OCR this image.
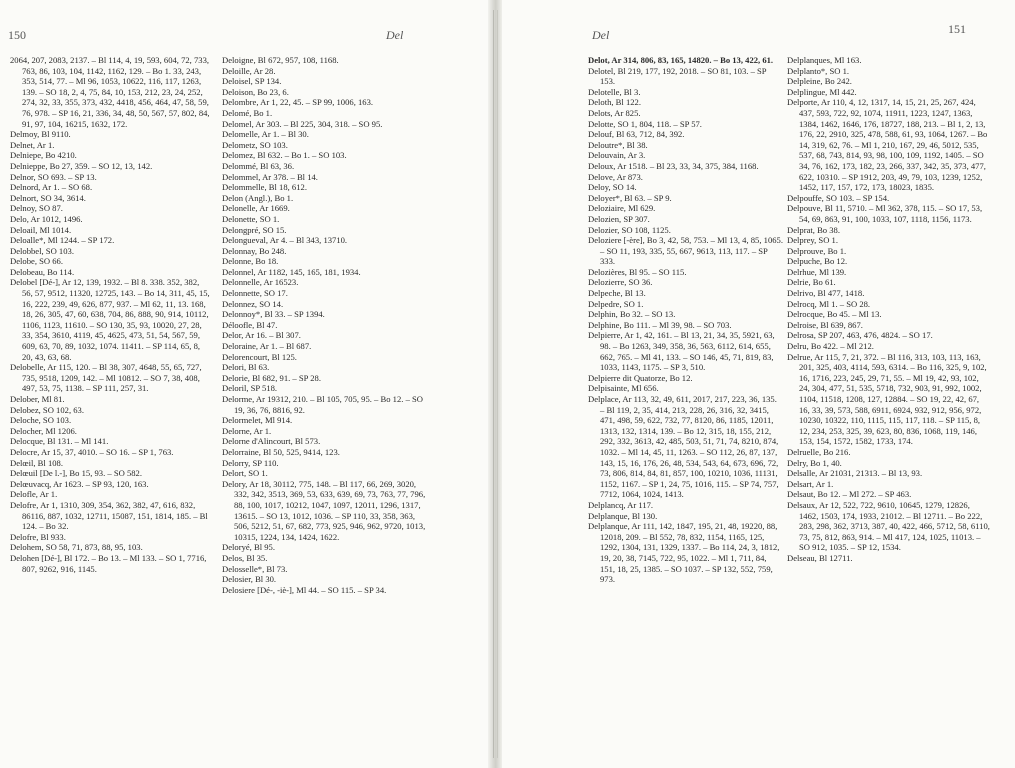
150	Del

2064, 207, 2083, 2137. – Bl 114, 4, 19, 593, 604, 72, 733, 763, 86, 103, 104, 1142, 1162, 129. – Bo 1. 33, 243, 353, 514, 77. – Ml 96, 1053, 10622, 116, 117, 1263, 139. – SO 18, 2, 4, 75, 84, 10, 153, 212, 23, 24, 252, 274, 32, 33, 355, 373, 432, 4418, 456, 464, 47, 58, 59, 76, 978. – SP 16, 21, 336, 34, 48, 50, 567, 57, 802, 84, 91, 97, 104, 16215, 1632, 172.

Delmoy, Bl 9110.

Delnet, Ar 1.

Delniepe, Bo 4210.

Delnieppe, Bo 27, 359. – SO 12, 13, 142.

Delnor, SO 693. – SP 13.

Delnord, Ar 1. – SO 68.

Delnort, SO 34, 3614.

Delnoy, SO 87.

Delo, Ar 1012, 1496.

Deloail, Ml 1014.

Deloalle*, Ml 1244. – SP 172.

Delobbel, SO 103.

Delobe, SO 66.

Delobeau, Bo 114.

Delobel [Dé-], Ar 12, 139, 1932. – Bl 8. 338. 352, 382, 56, 57, 9512, 11320, 12725, 143. – Bo 14, 311, 45, 15, 16, 222, 239, 49, 626, 877, 937. – Ml 62, 11, 13. 168, 18, 26, 305, 47, 60, 638, 704, 86, 888, 90, 914, 10112, 1106, 1123, 11610. – SO 130, 35, 93, 10020, 27, 28, 33, 354, 3610, 4119, 45, 4625, 473, 51, 54, 567, 59, 609, 63, 70, 89, 1032, 1074. 11411. – SP 114, 65, 8, 20, 43, 63, 68.

Delobelle, Ar 115, 120. – Bl 38, 307, 4648, 55, 65, 727, 735, 9518, 1209, 142. – Ml 10812. – SO 7, 38, 408, 497, 53, 75, 1138. – SP 111, 257, 31.

Delober, Ml 81.

Delobez, SO 102, 63.

Deloche, SO 103.

Delocher, Ml 1206.

Delocque, Bl 131. – Ml 141.

Delocre, Ar 15, 37, 4010. – SO 16. – SP 1, 763.

Delœil, Bl 108.

Delœuil [De l.-], Bo 15, 93. – SO 582.

Delœuvacq, Ar 1623. – SP 93, 120, 163.

Delofle, Ar 1.

Delofre, Ar 1, 1310, 309, 354, 362, 382, 47, 616, 832, 86116, 887, 1032, 12711, 15087, 151, 1814, 185. – Bl 124. – Bo 32.

Delofre, Bl 933.

Delohem, SO 58, 71, 873, 88, 95, 103.

Delohen [Dé-], Bl 172. – Bo 13. – Ml 133. – SO 1, 7716, 807, 9262, 916, 1145.

Deloigne, Bl 672, 957, 108, 1168.

Deloille, Ar 28.

Deloisel, SP 134.

Deloison, Bo 23, 6.

Delombre, Ar 1, 22, 45. – SP 99, 1006, 163.

Delomé, Bo 1.

Delomel, Ar 303. – Bl 225, 304, 318. – SO 95.

Delomelle, Ar 1. – Bl 30.

Delometz, SO 103.

Delomez, Bl 632. – Bo 1. – SO 103.

Delommé, Bl 63, 36.

Delommel, Ar 378. – Bl 14.

Delommelle, Bl 18, 612.

Delon (Angl.), Bo 1.

Delonelle, Ar 1669.

Delonette, SO 1.

Delongpré, SO 15.

Delongueval, Ar 4. – Bl 343, 13710.

Delonnay, Bo 248.

Delonne, Bo 18.

Delonnel, Ar 1182, 145, 165, 181, 1934.

Delonnelle, Ar 16523.

Delonnette, SO 17.

Delonnez, SO 14.

Delonnoy*, Bl 33. – SP 1394.

Déloofle, Bl 47.

Delor, Ar 16. – Bl 307.

Deloraine, Ar 1. – Bl 687.

Delorencourt, Bl 125.

Delori, Bl 63.

Delorie, Bl 682, 91. – SP 28.

Deloril, SP 518.

Delorme, Ar 19312, 210. – Bl 105, 705, 95. – Bo 12. – SO 19, 36, 76, 8816, 92.

Delormelet, Ml 914.

Delorne, Ar 1.

Delorne d'Alincourt, Bl 573.

Delorraine, Bl 50, 525, 9414, 123.

Delorry, SP 110.

Delort, SO 1.

Delory, Ar 18, 30112, 775, 148. – Bl 117, 66, 269, 3020, 332, 342, 3513, 369, 53, 633, 639, 69, 73, 763, 77, 796, 88, 100, 1017, 10212, 1047, 1097, 12011, 1296, 1317, 13615. – SO 13, 1012, 1036. – SP 110, 33, 358, 363, 506, 5212, 51, 67, 682, 773, 925, 946, 962, 9720, 1013, 10315, 1224, 134, 1424, 1622.

Deloryé, Bl 95.

Delos, Bl 35.

Delosselle*, Bl 73.

Delosier, Bl 30.

Delosiere [Dé-, -iè-], Ml 44. – SO 115. – SP 34.

151
Del

Delot, Ar 314, 806, 83, 165, 14820. – Bo 13, 422, 61.

Delotel, Bl 219, 177, 192, 2018. – SO 81, 103. – SP 153.

Delotelle, Bl 3.

Deloth, Bl 122.

Delots, Ar 825.

Delotte, SO 1, 804, 118. – SP 57.

Delouf, Bl 63, 712, 84, 392.

Deloutre*, Bl 38.

Delouvain, Ar 3.

Deloux, Ar 1518. – Bl 23, 33, 34, 375, 384, 1168.

Delove, Ar 873.

Deloy, SO 14.

Deloyer*, Bl 63. – SP 9.

Deloziaire, Ml 629.

Delozien, SP 307.

Delozier, SO 108, 1125.

Deloziere [-ère], Bo 3, 42, 58, 753. – Ml 13, 4, 85, 1065. – SO 11, 193, 335, 55, 667, 9613, 113, 117. – SP 333.

Delozières, Bl 95. – SO 115.

Delozierre, SO 36.

Delpeche, Bl 13.

Delpedre, SO 1.

Delphin, Bo 32. – SO 13.

Delphine, Bo 111. – Ml 39, 98. – SO 703.

Delpierre, Ar 1, 42, 161. – Bl 13, 21, 34, 35, 5921, 63, 98. – Bo 1263, 349, 358, 36, 563, 6112, 614, 655, 662, 765. – Ml 41, 133. – SO 146, 45, 71, 819, 83, 1033, 1143, 1175. – SP 3, 510.

Delpierre dit Quatorze, Bo 12.

Delpisainte, Ml 656.

Delplace, Ar 113, 32, 49, 611, 2017, 217, 223, 36, 135. – Bl 119, 2, 35, 414, 213, 228, 26, 316, 32, 3415, 471, 498, 59, 622, 732, 77, 8120, 86, 1185, 12011, 1313, 132, 1314, 139. – Bo 12, 315, 18, 155, 212, 292, 332, 3613, 42, 485, 503, 51, 71, 74, 8210, 874, 1032. – Ml 14, 45, 11, 1263. – SO 112, 26, 87, 137, 143, 15, 16, 176, 26, 48, 534, 543, 64, 673, 696, 72, 73, 806, 814, 84, 81, 857, 100, 10210, 1036, 11131, 1152, 1167. – SP 1, 24, 75, 1016, 115. – SP 74, 757, 7712, 1064, 1024, 1413.

Delplancq, Ar 117.

Delplanque, Bl 130.

Delplanque, Ar 111, 142, 1847, 195, 21, 48, 19220, 88, 12018, 209. – Bl 552, 78, 832, 1154, 1165, 125, 1292, 1304, 131, 1329, 1337. – Bo 114, 24, 3, 1812, 19, 20, 38, 7145, 722, 95, 1022. – Ml 1, 711, 84, 151, 18, 25, 1385. – SO 1037. – SP 132, 552, 759, 973.

Delplanques, Ml 163.

Delplanto*, SO 1.

Delpleine, Bo 242.

Delplingue, Ml 442.

Delporte, Ar 110, 4, 12, 1317, 14, 15, 21, 25, 267, 424, 437, 593, 722, 92, 1074, 11911, 1223, 1247, 1363, 1384, 1462, 1646, 176, 18727, 188, 213. – Bl 1, 2, 13, 176, 22, 2910, 325, 478, 588, 61, 93, 1064, 1267. – Bo 14, 319, 62, 76. – Ml 1, 210, 167, 29, 46, 5012, 535, 537, 68, 743, 814, 93, 98, 100, 109, 1192, 1405. – SO 34, 76, 162, 173, 182, 23, 266, 337, 342, 35, 373, 477, 622, 10310. – SP 1912, 203, 49, 79, 103, 1239, 1252, 1452, 117, 157, 172, 173, 18023, 1835.

Delpouffe, SO 103. – SP 154.

Delpouve, Bl 11, 5710. – Ml 362, 378, 115. – SO 17, 53, 54, 69, 863, 91, 100, 1033, 107, 1118, 1156, 1173.

Delprat, Bo 38.

Delprey, SO 1.

Delprouve, Bo 1.

Delpuche, Bo 12.

Delrhue, Ml 139.

Delrie, Bo 61.

Delrivo, Bl 477, 1418.

Delrocq, Ml 1. – SO 28.

Delrocque, Bo 45. – Ml 13.

Delroise, Bl 639, 867.

Delrosa, SP 207, 463, 476, 4824. – SO 17.

Delru, Bo 422. – Ml 212.

Delrue, Ar 115, 7, 21, 372. – Bl 116, 313, 103, 113, 163, 201, 325, 403, 4114, 593, 6314. – Bo 116, 325, 9, 102, 16, 1716, 223, 245, 29, 71, 55. – Ml 19, 42, 93, 102, 24, 304, 477, 51, 535, 5718, 732, 903, 91, 992, 1002, 1104, 11518, 1208, 127, 12884. – SO 19, 22, 42, 67, 16, 33, 39, 573, 588, 6911, 6924, 932, 912, 956, 972, 10230, 10322, 110, 1115, 115, 117, 118. – SP 115, 8, 12, 234, 253, 325, 39, 623, 80, 836, 1068, 119, 146, 153, 154, 1572, 1582, 1733, 174.

Delruelle, Bo 216.

Delry, Bo 1, 40.

Delsalle, Ar 21031, 21313. – Bl 13, 93.

Delsart, Ar 1.

Delsaut, Bo 12. – Ml 272. – SP 463.

Delsaux, Ar 12, 522, 722, 9610, 10645, 1279, 12826, 1462, 1503, 174, 1933, 21012. – Bl 12711. – Bo 222, 283, 298, 362, 3713, 387, 40, 422, 466, 5712, 58, 6110, 73, 75, 812, 863, 914. – Ml 417, 124, 1025, 11013. – SO 912, 1035. – SP 12, 1534.

Delseau, Bl 12711.
